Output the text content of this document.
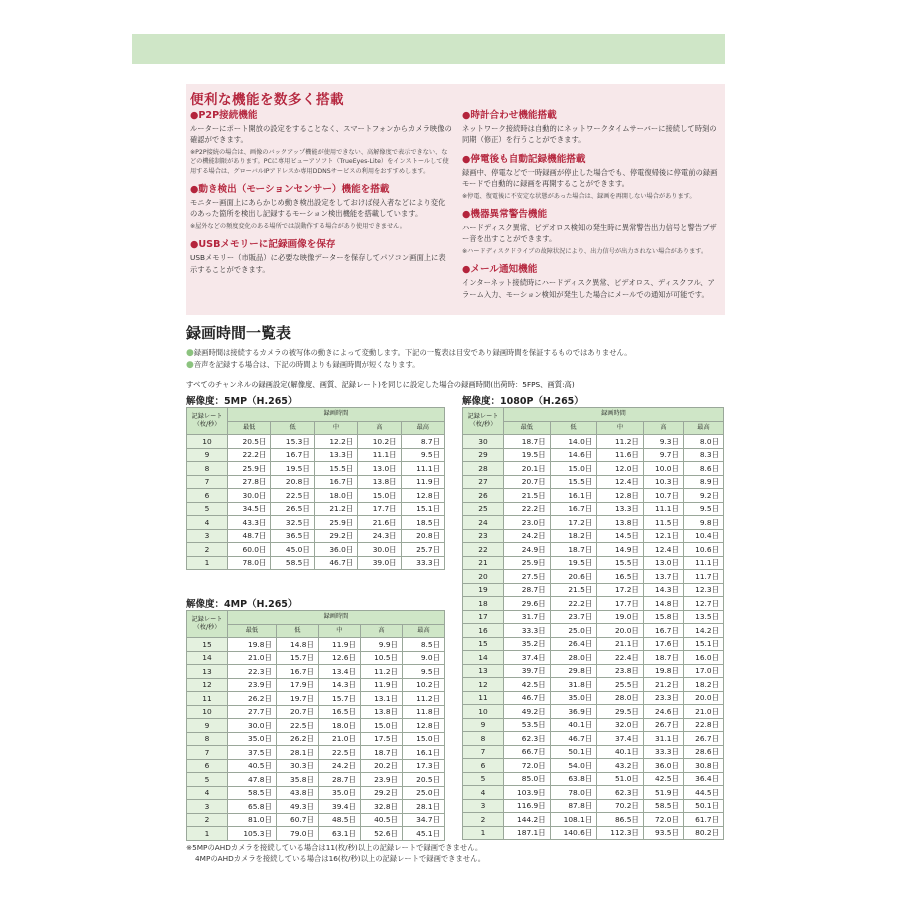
便利な機能を数多く搭載

●P2P接続機能

ルーターにポート開放の設定をすることなく、スマートフォンからカメラ映像の確認ができます。

※P2P接続の場合は、画像のバックアップ機能が使用できない、高解像度で表示できない、などの機能制限があります。PCに専用ビューアソフト（TrueEyes-Lite）をインストールして使用する場合は、グローバルIPアドレスか専用DDNSサービスの利用をおすすめします。

●動き検出（モーションセンサー）機能を搭載

モニター画面上にあらかじめ動き検出設定をしておけば侵入者などにより変化のあった箇所を検出し記録するモーション検出機能を搭載しています。

※屋外などの頻度変化のある場所では誤動作する場合があり使用できません。

●USBメモリーに記録画像を保存

USBメモリー（市販品）に必要な映像データーを保存してパソコン画面上に表示することができます。

●時計合わせ機能搭載

ネットワーク接続時は自動的にネットワークタイムサーバーに接続して時刻の同期（修正）を行うことができます。

●停電後も自動記録機能搭載

録画中、停電などで一時録画が停止した場合でも、停電復帰後に停電前の録画モードで自動的に録画を再開することができます。

※停電、復電後に不安定な状態があった場合は、録画を再開しない場合があります。

●機器異常警告機能

ハードディスク異常、ビデオロス検知の発生時に異常警告出力信号と警告ブザー音を出すことができます。

※ハードディスクドライブの故障状況により、出力信号が出力されない場合があります。

●メール通知機能

インターネット接続時にハードディスク異常、ビデオロス、ディスクフル、アラーム入力、モーション検知が発生した場合にメールでの通知が可能です。

録画時間一覧表
●録画時間は接続するカメラの被写体の動きによって変動します。下記の一覧表は目安であり録画時間を保証するものではありません。
●音声を記録する場合は、下記の時間よりも録画時間が短くなります。
すべてのチャンネルの録画設定(解像度、画質、記録レート)を同じに設定した場合の録画時間(出荷時：5FPS、画質:高)

解像度：5MP（H.265）

記録レート
（枚/秒）	録画時間				
	最低	低	中	高	最高
10	20.5日	15.3日	12.2日	10.2日	8.7日
9	22.2日	16.7日	13.3日	11.1日	9.5日
8	25.9日	19.5日	15.5日	13.0日	11.1日
7	27.8日	20.8日	16.7日	13.8日	11.9日
6	30.0日	22.5日	18.0日	15.0日	12.8日
5	34.5日	26.5日	21.2日	17.7日	15.1日
4	43.3日	32.5日	25.9日	21.6日	18.5日
3	48.7日	36.5日	29.2日	24.3日	20.8日
2	60.0日	45.0日	36.0日	30.0日	25.7日
1	78.0日	58.5日	46.7日	39.0日	33.3日

解像度：4MP（H.265）

記録レート
（枚/秒）	録画時間				
	最低	低	中	高	最高
15	19.8日	14.8日	11.9日	9.9日	8.5日
14	21.0日	15.7日	12.6日	10.5日	9.0日
13	22.3日	16.7日	13.4日	11.2日	9.5日
12	23.9日	17.9日	14.3日	11.9日	10.2日
11	26.2日	19.7日	15.7日	13.1日	11.2日
10	27.7日	20.7日	16.5日	13.8日	11.8日
9	30.0日	22.5日	18.0日	15.0日	12.8日
8	35.0日	26.2日	21.0日	17.5日	15.0日
7	37.5日	28.1日	22.5日	18.7日	16.1日
6	40.5日	30.3日	24.2日	20.2日	17.3日
5	47.8日	35.8日	28.7日	23.9日	20.5日
4	58.5日	43.8日	35.0日	29.2日	25.0日
3	65.8日	49.3日	39.4日	32.8日	28.1日
2	81.0日	60.7日	48.5日	40.5日	34.7日
1	105.3日	79.0日	63.1日	52.6日	45.1日

解像度：1080P（H.265）

記録レート
（枚/秒）	録画時間				
	最低	低	中	高	最高
30	18.7日	14.0日	11.2日	9.3日	8.0日
29	19.5日	14.6日	11.6日	9.7日	8.3日
28	20.1日	15.0日	12.0日	10.0日	8.6日
27	20.7日	15.5日	12.4日	10.3日	8.9日
26	21.5日	16.1日	12.8日	10.7日	9.2日
25	22.2日	16.7日	13.3日	11.1日	9.5日
24	23.0日	17.2日	13.8日	11.5日	9.8日
23	24.2日	18.2日	14.5日	12.1日	10.4日
22	24.9日	18.7日	14.9日	12.4日	10.6日
21	25.9日	19.5日	15.5日	13.0日	11.1日
20	27.5日	20.6日	16.5日	13.7日	11.7日
19	28.7日	21.5日	17.2日	14.3日	12.3日
18	29.6日	22.2日	17.7日	14.8日	12.7日
17	31.7日	23.7日	19.0日	15.8日	13.5日
16	33.3日	25.0日	20.0日	16.7日	14.2日
15	35.2日	26.4日	21.1日	17.6日	15.1日
14	37.4日	28.0日	22.4日	18.7日	16.0日
13	39.7日	29.8日	23.8日	19.8日	17.0日
12	42.5日	31.8日	25.5日	21.2日	18.2日
11	46.7日	35.0日	28.0日	23.3日	20.0日
10	49.2日	36.9日	29.5日	24.6日	21.0日
9	53.5日	40.1日	32.0日	26.7日	22.8日
8	62.3日	46.7日	37.4日	31.1日	26.7日
7	66.7日	50.1日	40.1日	33.3日	28.6日
6	72.0日	54.0日	43.2日	36.0日	30.8日
5	85.0日	63.8日	51.0日	42.5日	36.4日
4	103.9日	78.0日	62.3日	51.9日	44.5日
3	116.9日	87.8日	70.2日	58.5日	50.1日
2	144.2日	108.1日	86.5日	72.0日	61.7日
1	187.1日	140.6日	112.3日	93.5日	80.2日
※5MPのAHDカメラを接続している場合は11(枚/秒)以上の記録レートで録画できません。
4MPのAHDカメラを接続している場合は16(枚/秒)以上の記録レートで録画できません。
